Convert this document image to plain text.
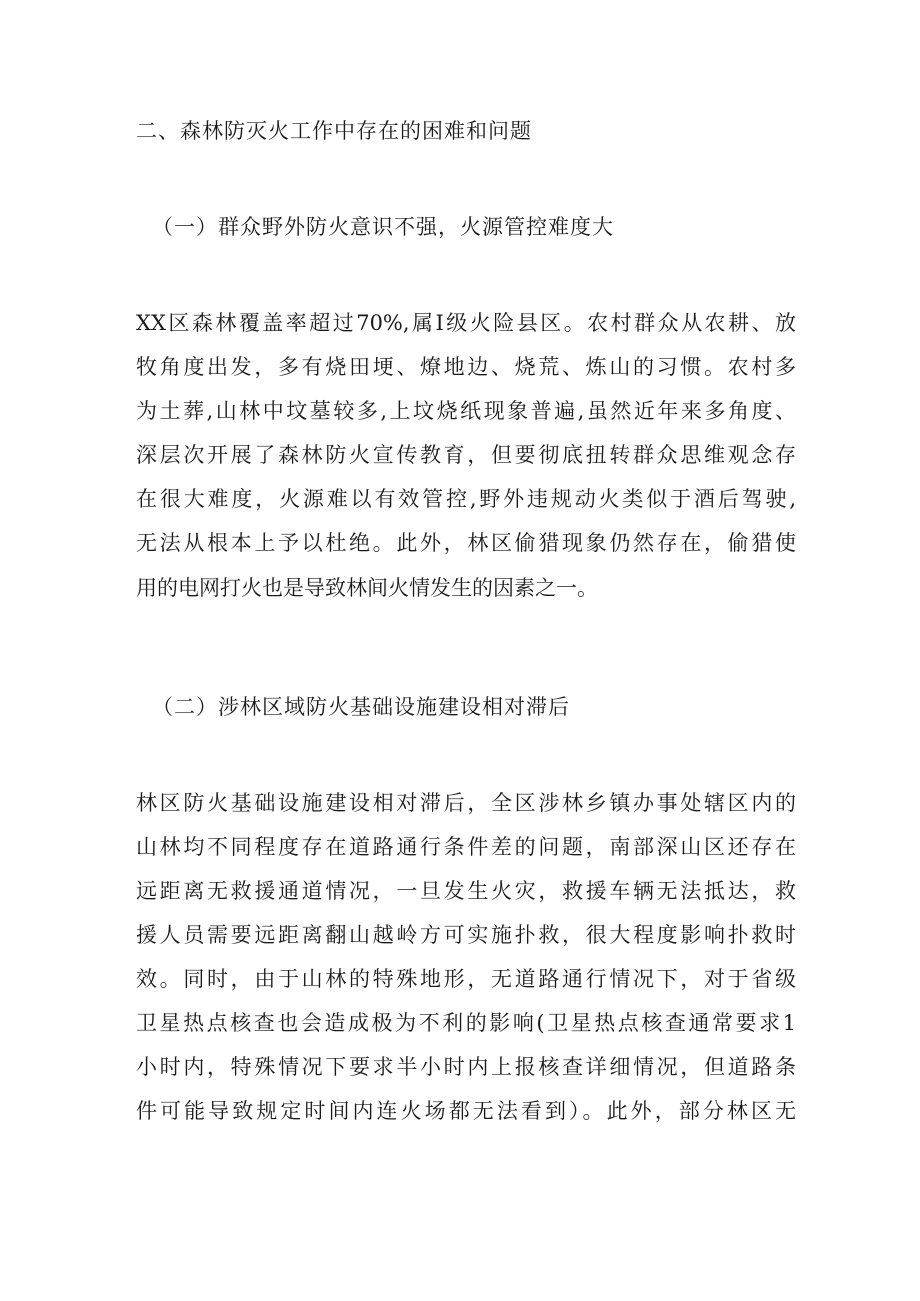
二、森林防灭火工作中存在的困难和问题
（一）群众野外防火意识不强，火源管控难度大
XX区森林覆盖率超过70%,属I级火险县区。农村群众从农耕、放
牧角度出发，多有烧田埂、燎地边、烧荒、炼山的习惯。农村多
为土葬,山林中坟墓较多,上坟烧纸现象普遍,虽然近年来多角度、
深层次开展了森林防火宣传教育，但要彻底扭转群众思维观念存
在很大难度，火源难以有效管控,野外违规动火类似于酒后驾驶,
无法从根本上予以杜绝。此外，林区偷猎现象仍然存在，偷猎使
用的电网打火也是导致林间火情发生的因素之一。
（二）涉林区域防火基础设施建设相对滞后
林区防火基础设施建设相对滞后，全区涉林乡镇办事处辖区内的
山林均不同程度存在道路通行条件差的问题，南部深山区还存在
远距离无救援通道情况，一旦发生火灾，救援车辆无法抵达，救
援人员需要远距离翻山越岭方可实施扑救，很大程度影响扑救时
效。同时，由于山林的特殊地形，无道路通行情况下，对于省级
卫星热点核查也会造成极为不利的影响(卫星热点核查通常要求1
小时内，特殊情况下要求半小时内上报核查详细情况，但道路条
件可能导致规定时间内连火场都无法看到）。此外，部分林区无
